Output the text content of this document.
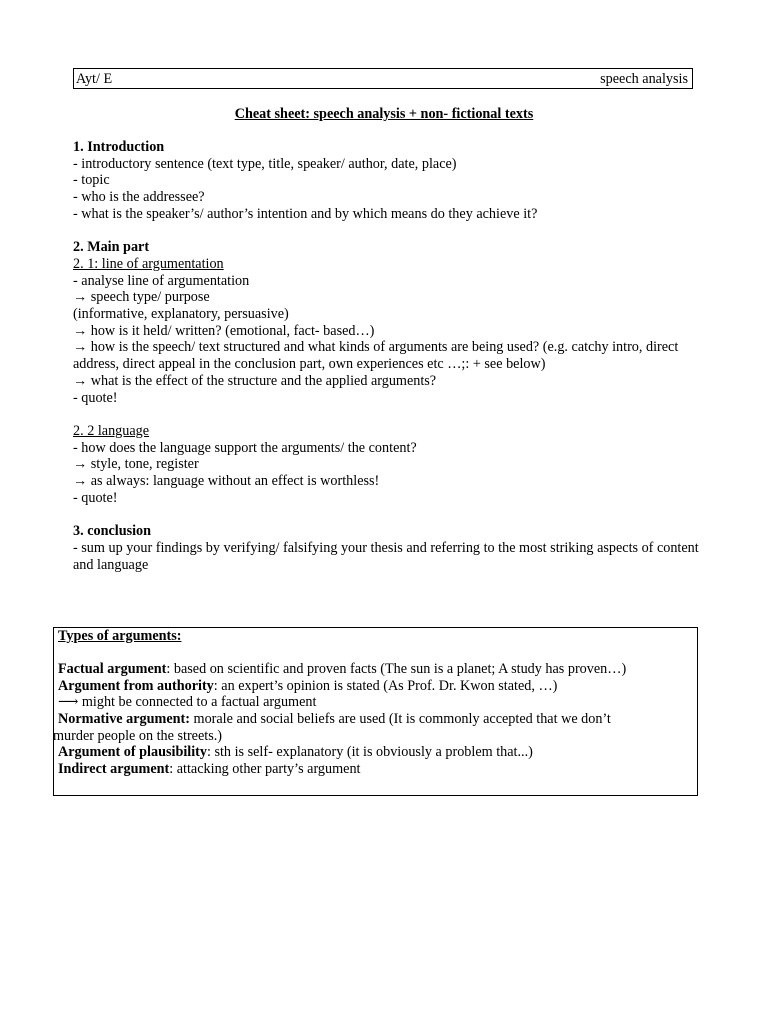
Ayt/ E	speech analysis
Cheat sheet: speech analysis + non- fictional texts
1. Introduction
- introductory sentence (text type, title, speaker/ author, date, place)
- topic
- who is the addressee?
- what is the speaker’s/ author’s intention and by which means do they achieve it?
2. Main part
2. 1: line of argumentation
- analyse line of argumentation
→ speech type/ purpose
(informative, explanatory, persuasive)
→ how is it held/ written? (emotional, fact- based…)
→ how is the speech/ text structured and what kinds of arguments are being used? (e.g. catchy intro, direct address, direct appeal in the conclusion part, own experiences etc …;: + see below)
→ what is the effect of the structure and the applied arguments?
- quote!
2. 2 language
- how does the language support the arguments/ the content?
→ style, tone, register
→ as always: language without an effect is worthless!
- quote!
3. conclusion
- sum up your findings by verifying/ falsifying your thesis and referring to the most striking aspects of content and language
Types of arguments:
Factual argument: based on scientific and proven facts (The sun is a planet; A study has proven…)
Argument from authority: an expert’s opinion is stated (As Prof. Dr. Kwon stated, …)
⟶ might be connected to a factual argument
Normative argument: morale and social beliefs are used (It is commonly accepted that we don’t
murder people on the streets.)
Argument of plausibility: sth is self- explanatory (it is obviously a problem that...)
Indirect argument: attacking other party’s argument
